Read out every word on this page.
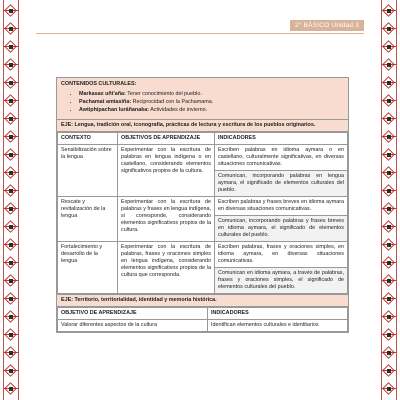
2° BÁSICO Unidad 3
CONTENIDOS CULTURALES:
• Markasax uñt'aña: Tener conocimiento del pueblo.
• Pachamat amtasiña: Reciprocidad con la Pachamama.
• Awtiphipachan luräñanaka: Actividades de invierno.
EJE: Lengua, tradición oral, iconografía, prácticas de lectura y escritura de los pueblos originarios.
CONTEXTO	OBJETIVOS DE APRENDIZAJE	INDICADORES
Sensibilización sobre la lengua	Experimentar con la escritura de palabras en lengua indígena o en castellano, considerando elementos significativos propios de la cultura.	Escriben palabras en idioma aymara o en castellano, culturalmente significativas, en diversas situaciones comunicativas.
Comunican, incorporando palabras en lengua aymara, el significado de elementos culturales del pueblo.

Rescate y revitalización de la lengua	Experimentar con la escritura de palabras y frases en lengua indígena, si corresponde, considerando elementos significativos propios de la cultura.	Escriben palabras y frases breves en idioma aymara en diversas situaciones comunicativas.
Comunican, incorporando palabras y frases breves en idioma aymara, el significado de elementos culturales del pueblo.

Fortalecimiento y desarrollo de la lengua	Experimentar con la escritura de palabras, frases y oraciones simples en lengua indígena, considerando elementos significativos propios de la cultura que corresponda.	Escriben palabras, frases y oraciones simples, en idioma aymara, en diversas situaciones comunicativas.
Comunican en idioma aymara, a través de palabras, frases y oraciones simples, el significado de elementos culturales del pueblo.
EJE: Territorio, territorialidad, identidad y memoria histórica.
OBJETIVO DE APRENDIZAJE	INDICADORES
Valorar diferentes aspectos de la cultura	Identifican elementos culturales e identitarios
